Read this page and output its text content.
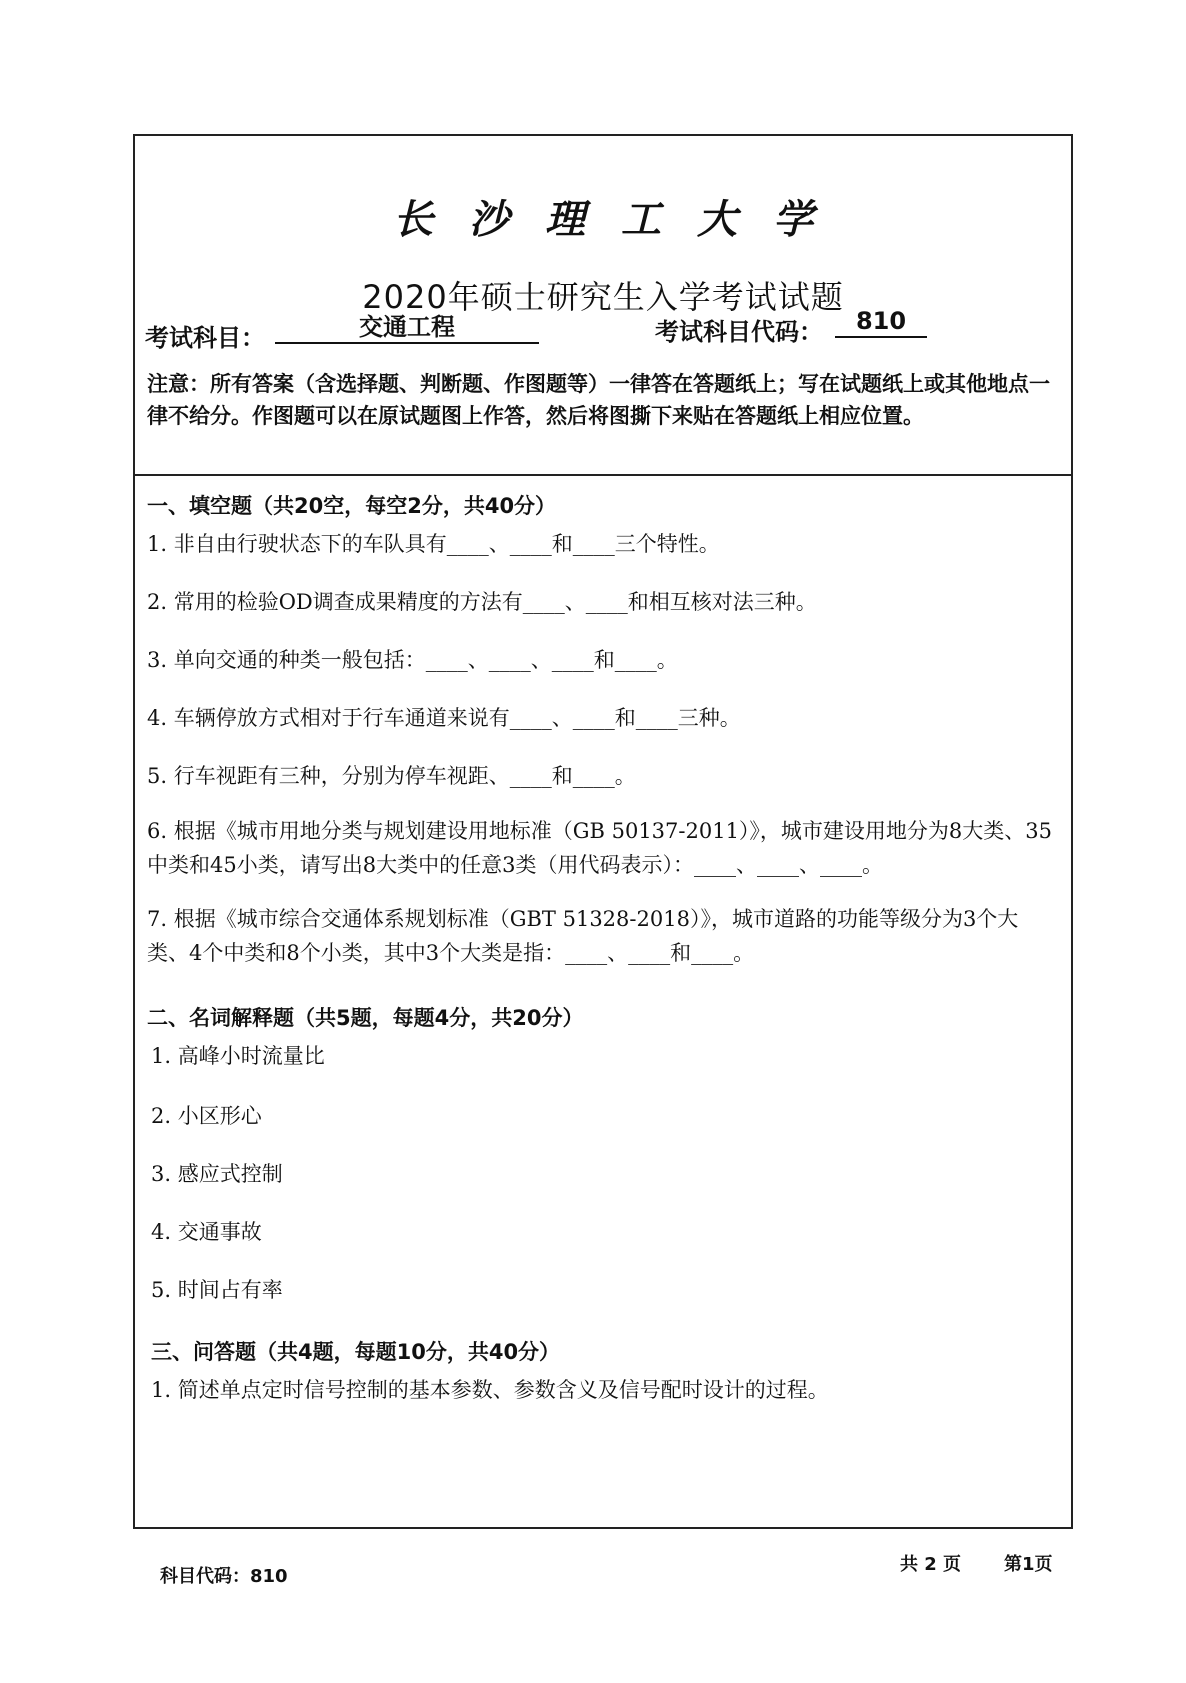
长沙理工大学
2020年硕士研究生入学考试试题
考试科目：	交通工程	考试科目代码：	810
注意：所有答案（含选择题、判断题、作图题等）一律答在答题纸上；写在试题纸上或其他地点一律不给分。作图题可以在原试题图上作答，然后将图撕下来贴在答题纸上相应位置。
一、填空题（共20空，每空2分，共40分）
1. 非自由行驶状态下的车队具有____、____和____三个特性。
2. 常用的检验OD调查成果精度的方法有____、____和相互核对法三种。
3. 单向交通的种类一般包括：____、____、____和____。
4. 车辆停放方式相对于行车通道来说有____、____和____三种。
5. 行车视距有三种，分别为停车视距、____和____。
6. 根据《城市用地分类与规划建设用地标准（GB 50137-2011）》，城市建设用地分为8大类、35中类和45小类，请写出8大类中的任意3类（用代码表示）：____、____、____。
7. 根据《城市综合交通体系规划标准（GBT 51328-2018）》，城市道路的功能等级分为3个大类、4个中类和8个小类，其中3个大类是指：____、____和____。
二、名词解释题（共5题，每题4分，共20分）
1. 高峰小时流量比
2. 小区形心
3. 感应式控制
4. 交通事故
5. 时间占有率
三、问答题（共4题，每题10分，共40分）
1. 简述单点定时信号控制的基本参数、参数含义及信号配时设计的过程。
科目代码：810
共 2 页 第1页
